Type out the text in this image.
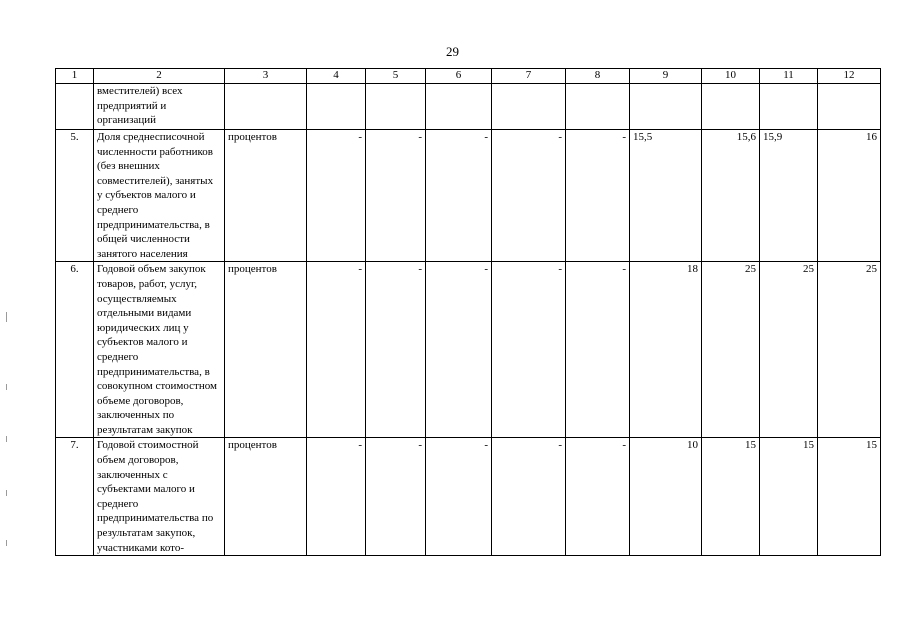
29
1	2	3	4	5	6	7	8	9	10	11	12
	вместителей) всех предприятий и организаций										
5.	Доля среднесписочной численности работников (без внешних совместителей), занятых у субъектов малого и среднего предпринимательства, в общей численности занятого населения	процентов	-	-	-	-	-	15,5	15,6	15,9	16
6.	Годовой объем закупок товаров, работ, услуг, осуществляемых отдельными видами юридических лиц у субъектов малого и среднего предпринимательства, в совокупном стоимостном объеме договоров, заключенных по результатам закупок	процентов	-	-	-	-	-	18	25	25	25
7.	Годовой стоимостной объем договоров, заключенных с субъектами малого и среднего предпринимательства по результатам закупок, участниками кото-	процентов	-	-	-	-	-	10	15	15	15
